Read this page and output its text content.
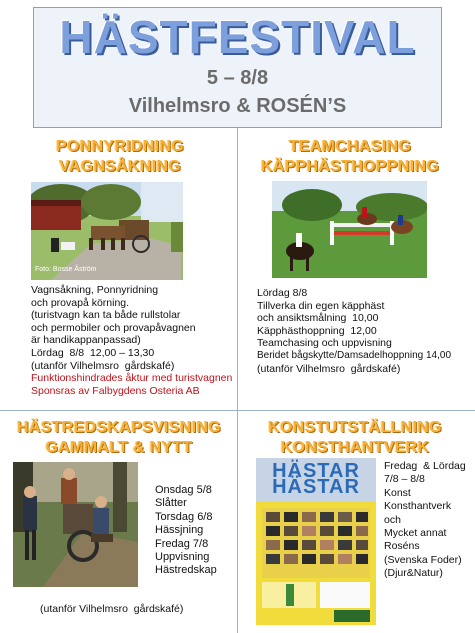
HÄSTFESTIVAL
5 – 8/8
Vilhelmsro & ROSÉN’S
PONNYRIDNING
VAGNSÅKNING
Foto: Bosse Åström
Vagnsåkning, Ponnyridning
och provapå körning.
(turistvagn kan ta både rullstolar
och permobiler och provapåvagnen
är handikappanpassad)
Lördag  8/8  12,00 – 13,30
(utanför Vilhelmsro  gårdskafé)
Funktionshindrades åktur med turistvagnen
Sponsras av Falbygdens Osteria AB
TEAMCHASING
KÄPPHÄSTHOPPNING
Lördag 8/8
Tillverka din egen käpphäst
och ansiktsmålning  10,00
Käpphästhoppning  12,00
Teamchasing och uppvisning
Beridet bågskytte/Damsadelhoppning 14,00
(utanför Vilhelmsro  gårdskafé)
HÄSTREDSKAPSVISNING
GAMMALT & NYTT
Onsdag 5/8
Slåtter
Torsdag 6/8
Hässjning
Fredag 7/8
Uppvisning
Hästredskap
(utanför Vilhelmsro  gårdskafé)
KONSTUTSTÄLLNING
KONSTHANTVERK
HÄSTAR
HÄSTAR
Fredag  & Lördag
7/8 – 8/8
Konst
Konsthantverk
och
Mycket annat
Roséns
(Svenska Foder)
(Djur&Natur)
